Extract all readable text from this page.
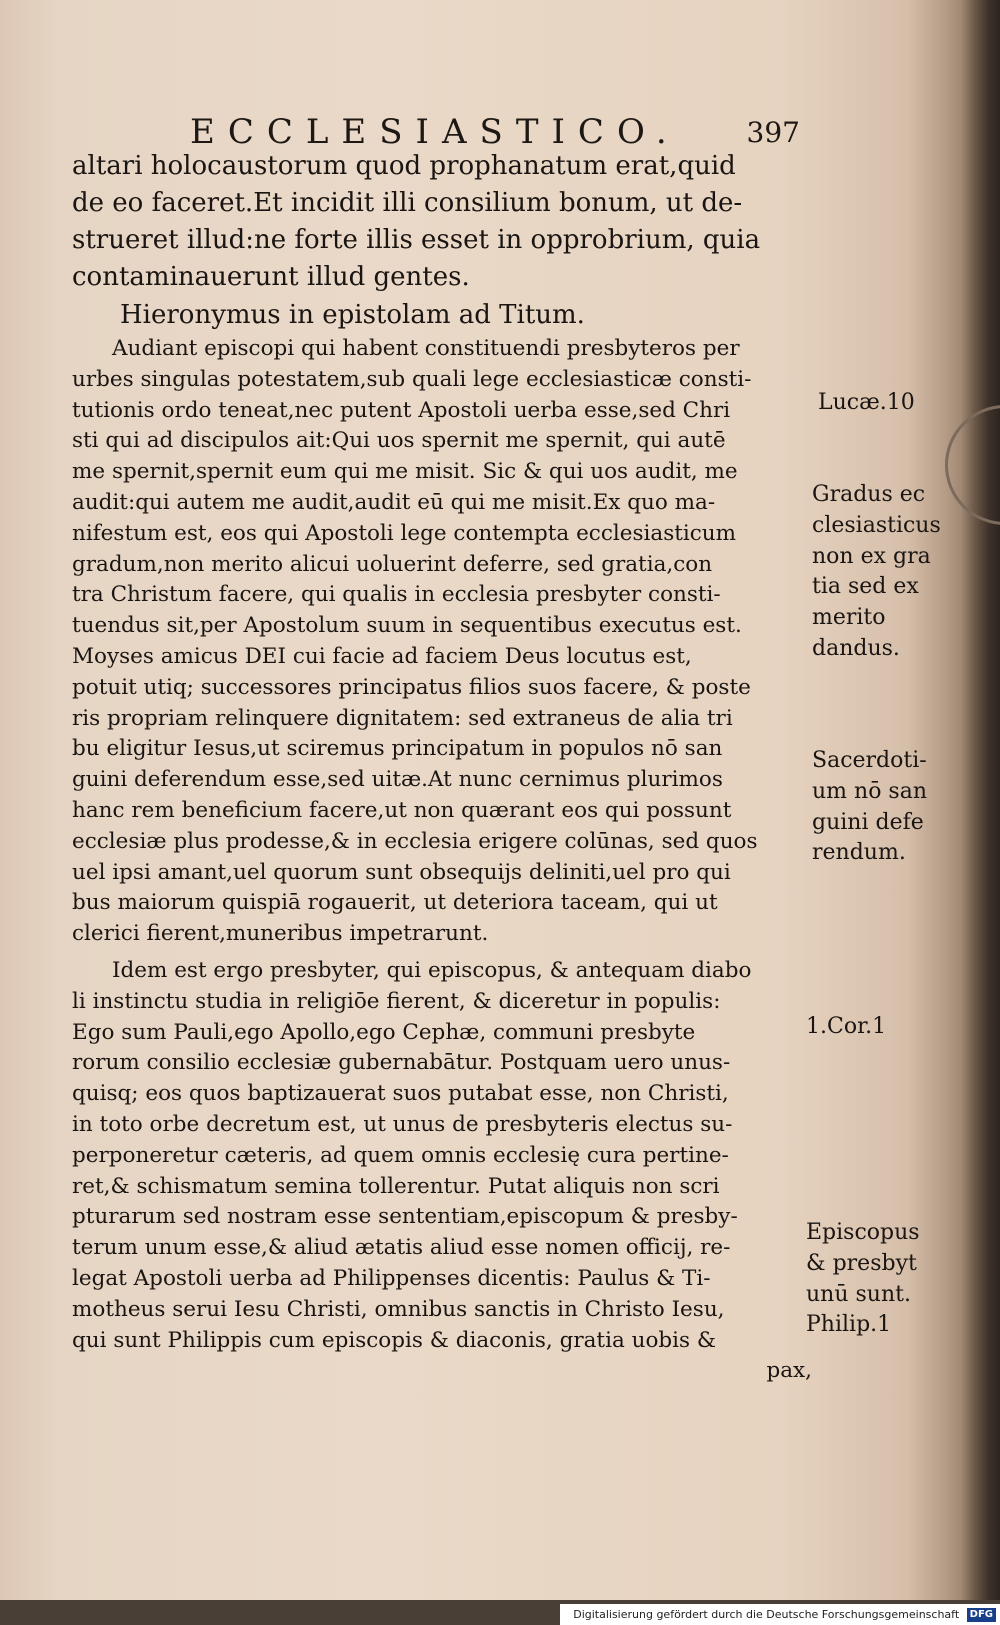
ECCLESIASTICO. 397
altari holocaustorum quod prophanatum erat,quid
de eo faceret.Et incidit illi consilium bonum, ut de-
strueret illud:ne forte illis esset in opprobrium, quia
contaminauerunt illud gentes.
Hieronymus in epistolam ad Titum.
Audiant episcopi qui habent constituendi presbyteros per
urbes singulas potestatem,sub quali lege ecclesiasticæ consti-
tutionis ordo teneat,nec putent Apostoli uerba esse,sed Chri
sti qui ad discipulos ait:Qui uos spernit me spernit, qui autē
me spernit,spernit eum qui me misit. Sic & qui uos audit, me
audit:qui autem me audit,audit eū qui me misit.Ex quo ma-
nifestum est, eos qui Apostoli lege contempta ecclesiasticum
gradum,non merito alicui uoluerint deferre, sed gratia,con
tra Christum facere, qui qualis in ecclesia presbyter consti-
tuendus sit,per Apostolum suum in sequentibus executus est.
Moyses amicus DEI cui facie ad faciem Deus locutus est,
potuit utiq; successores principatus filios suos facere, & poste
ris propriam relinquere dignitatem: sed extraneus de alia tri
bu eligitur Iesus,ut sciremus principatum in populos nō san
guini deferendum esse,sed uitæ.At nunc cernimus plurimos
hanc rem beneficium facere,ut non quærant eos qui possunt
ecclesiæ plus prodesse,& in ecclesia erigere colūnas, sed quos
uel ipsi amant,uel quorum sunt obsequijs deliniti,uel pro qui
bus maiorum quispiā rogauerit, ut deteriora taceam, qui ut
clerici fierent,muneribus impetrarunt.
Idem est ergo presbyter, qui episcopus, & antequam diabo
li instinctu studia in religiōe fierent, & diceretur in populis:
Ego sum Pauli,ego Apollo,ego Cephæ, communi presbyte
rorum consilio ecclesiæ gubernabātur. Postquam uero unus-
quisq; eos quos baptizauerat suos putabat esse, non Christi,
in toto orbe decretum est, ut unus de presbyteris electus su-
perponeretur cæteris, ad quem omnis ecclesię cura pertine-
ret,& schismatum semina tollerentur. Putat aliquis non scri
pturarum sed nostram esse sententiam,episcopum & presby-
terum unum esse,& aliud ætatis aliud esse nomen officij, re-
legat Apostoli uerba ad Philippenses dicentis: Paulus & Ti-
motheus serui Iesu Christi, omnibus sanctis in Christo Iesu,
qui sunt Philippis cum episcopis & diaconis, gratia uobis &
pax,
Lucæ.10
Gradus ec
clesiasticus
non ex gra
tia sed ex
merito
dandus.
Sacerdoti-
um nō san
guini defe
rendum.
1.Cor.1
Episcopus
& presbyt
unū sunt.
Philip.1
Digitalisierung gefördert durch die Deutsche Forschungsgemeinschaft DFG
